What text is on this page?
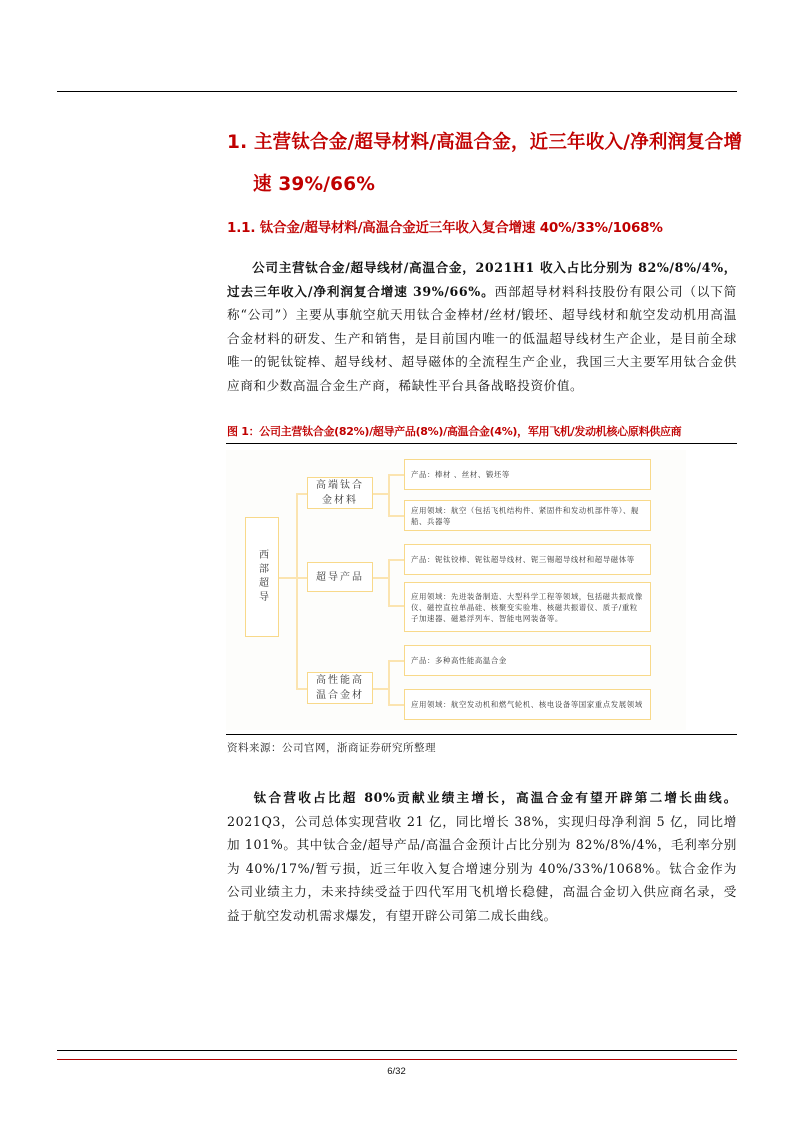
1. 主营钛合金/超导材料/高温合金，近三年收入/净利润复合增
速 39%/66%
1.1. 钛合金/超导材料/高温合金近三年收入复合增速 40%/33%/1068%
公司主营钛合金/超导线材/高温合金，2021H1 收入占比分别为 82%/8%/4%，过去三年收入/净利润复合增速 39%/66%。西部超导材料科技股份有限公司（以下简称“公司”）主要从事航空航天用钛合金棒材/丝材/锻坯、超导线材和航空发动机用高温合金材料的研发、生产和销售，是目前国内唯一的低温超导线材生产企业，是目前全球唯一的铌钛锭棒、超导线材、超导磁体的全流程生产企业，我国三大主要军用钛合金供应商和少数高温合金生产商，稀缺性平台具备战略投资价值。
图 1：公司主营钛合金(82%)/超导产品(8%)/高温合金(4%)，军用飞机/发动机核心原料供应商
西部超导
高端钛合金材料
超导产品
高性能高温合金材
产品：棒材 、丝材、锻坯等
应用领域：航空（包括飞机结构件、紧固件和发动机部件等）、舰船、兵器等
产品：铌钛铰棒、铌钛超导线材、铌三锡超导线材和超导磁体等
应用领域：先进装备制造、大型科学工程等领域，包括磁共振成像仪、磁控直拉单晶硅、核聚变实验堆、核磁共振谱仪、质子/重粒子加速器、磁悬浮列车、智能电网装备等。
产品：多种高性能高温合金
应用领域：航空发动机和燃气轮机、核电设备等国家重点发展领域
资料来源：公司官网，浙商证券研究所整理
钛合营收占比超 80%贡献业绩主增长，高温合金有望开辟第二增长曲线。2021Q3，公司总体实现营收 21 亿，同比增长 38%，实现归母净利润 5 亿，同比增加 101%。其中钛合金/超导产品/高温合金预计占比分别为 82%/8%/4%，毛利率分别为 40%/17%/暂亏损，近三年收入复合增速分别为 40%/33%/1068%。钛合金作为公司业绩主力，未来持续受益于四代军用飞机增长稳健，高温合金切入供应商名录，受益于航空发动机需求爆发，有望开辟公司第二成长曲线。
6/32
